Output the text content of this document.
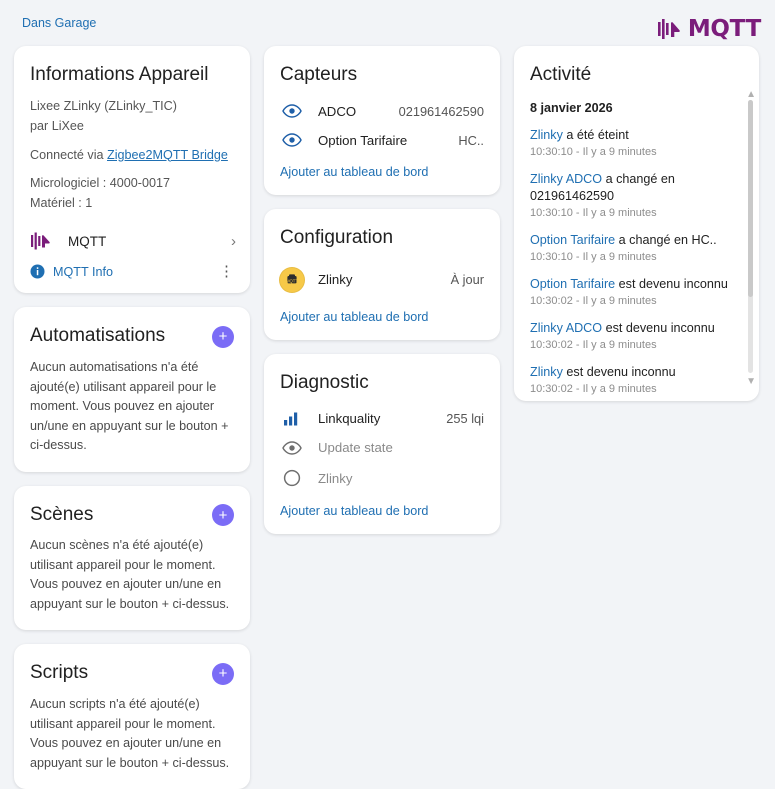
Dans Garage	MQTT
Informations Appareil
Lixee ZLinky (ZLinky_TIC)
par LiXee
Connecté via Zigbee2MQTT Bridge
Micrologiciel : 4000-0017
Matériel : 1
MQTT	›
MQTT Info	⋮
Automatisations	+
Aucun automatisations n'a été ajouté(e) utilisant appareil pour le moment. Vous pouvez en ajouter un/une en appuyant sur le bouton + ci-dessus.
Scènes	+
Aucun scènes n'a été ajouté(e) utilisant appareil pour le moment. Vous pouvez en ajouter un/une en appuyant sur le bouton + ci-dessus.
Scripts	+
Aucun scripts n'a été ajouté(e) utilisant appareil pour le moment. Vous pouvez en ajouter un/une en appuyant sur le bouton + ci-dessus.
Capteurs
ADCO	021961462590
Option Tarifaire	HC..
Ajouter au tableau de bord
Configuration
MQTT Zlinky	À jour
Ajouter au tableau de bord
Diagnostic
Linkquality	255 lqi
Update state
Zlinky
Ajouter au tableau de bord
Activité
8 janvier 2026
Zlinky a été éteint
10:30:10 - Il y a 9 minutes
Zlinky ADCO a changé en 021961462590
10:30:10 - Il y a 9 minutes
Option Tarifaire a changé en HC..
10:30:10 - Il y a 9 minutes
Option Tarifaire est devenu inconnu
10:30:02 - Il y a 9 minutes
Zlinky ADCO est devenu inconnu
10:30:02 - Il y a 9 minutes
Zlinky est devenu inconnu
10:30:02 - Il y a 9 minutes
▲
▼
